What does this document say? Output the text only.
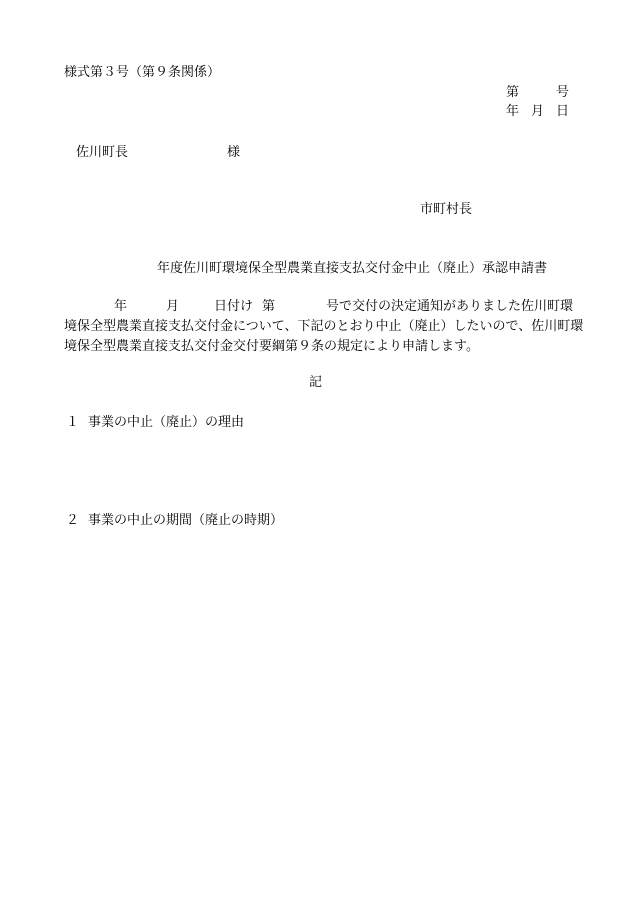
様式第３号（第９条関係）
第	号
年 月 日
佐川町長	様
市町村長
年度佐川町環境保全型農業直接支払交付金中止（廃止）承認申請書
年	月	日付け 第	号で交付の決定通知がありました佐川町環
境保全型農業直接支払交付金について、下記のとおり中止（廃止）したいので、佐川町環
境保全型農業直接支払交付金交付要綱第９条の規定により申請します。
記
１ 事業の中止（廃止）の理由
２ 事業の中止の期間（廃止の時期）
